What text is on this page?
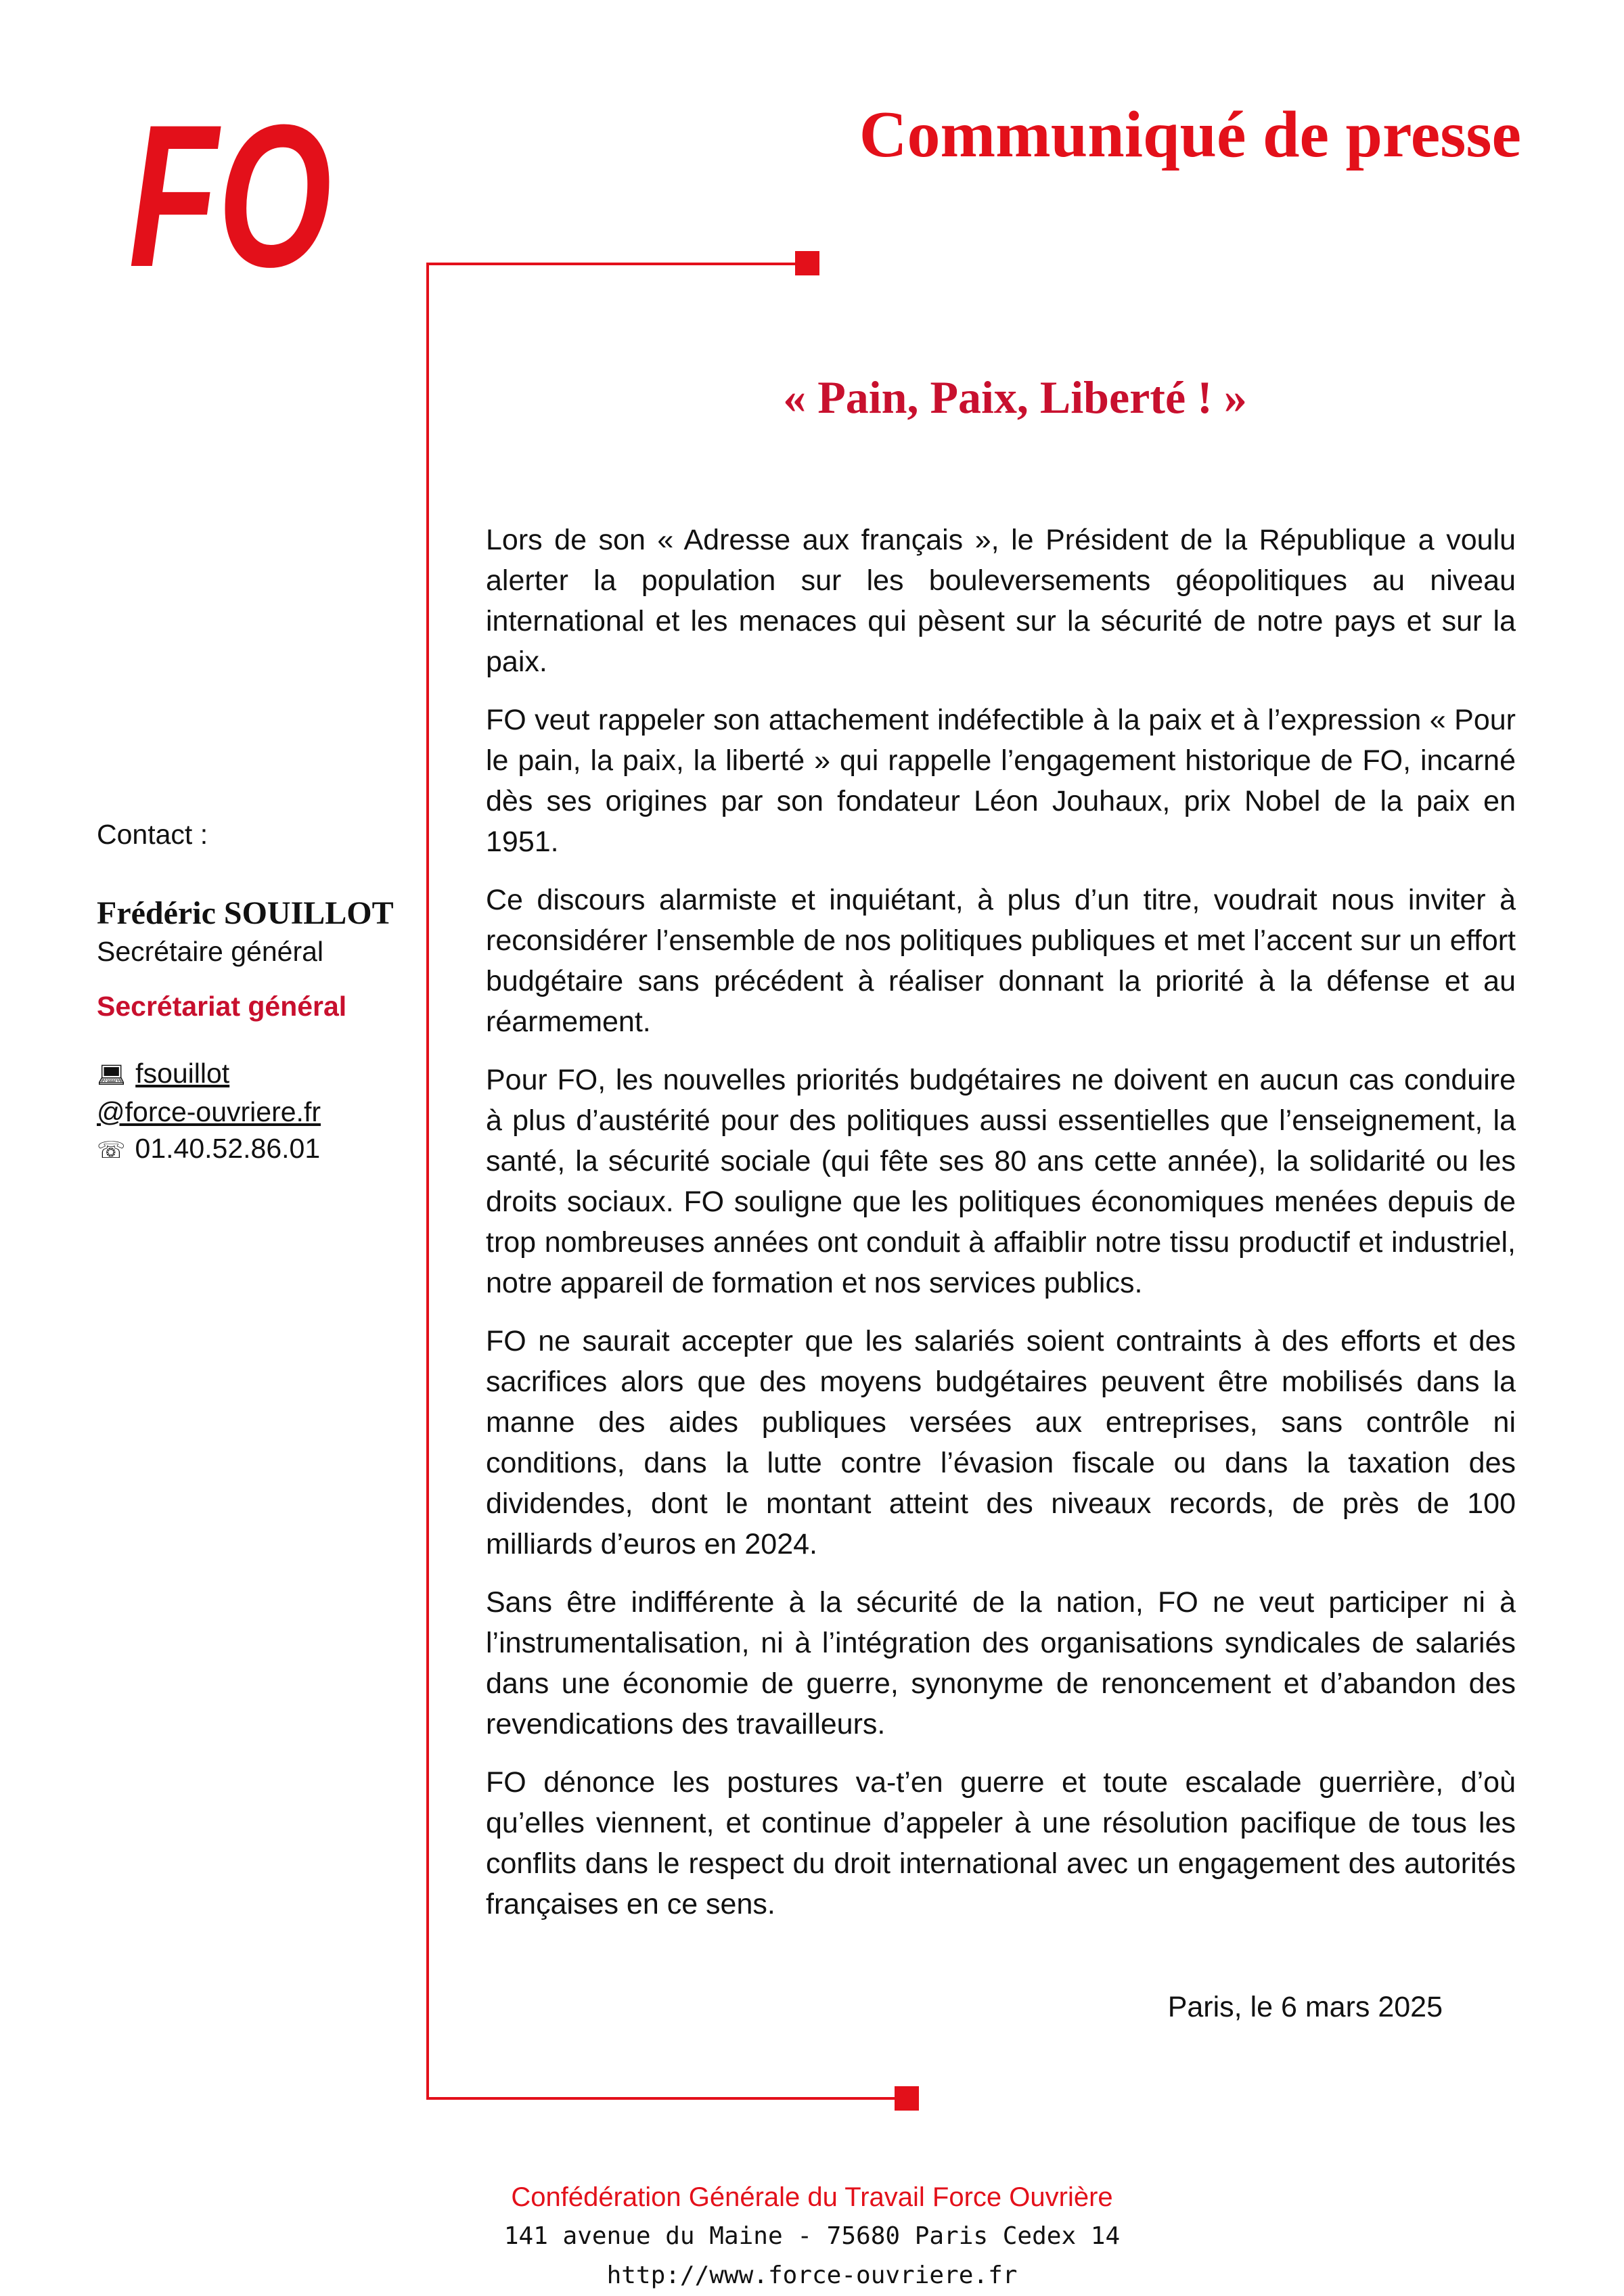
FO	Communiqué de presse
« Pain, Paix, Liberté ! »

Lors de son « Adresse aux français », le Président de la République a voulu alerter la population sur les bouleversements géopolitiques au niveau international et les menaces qui pèsent sur la sécurité de notre pays et sur la paix.

FO veut rappeler son attachement indéfectible à la paix et à l’expression « Pour le pain, la paix, la liberté » qui rappelle l’engagement historique de FO, incarné dès ses origines par son fondateur Léon Jouhaux, prix Nobel de la paix en 1951.

Ce discours alarmiste et inquiétant, à plus d’un titre, voudrait nous inviter à reconsidérer l’ensemble de nos politiques publiques et met l’accent sur un effort budgétaire sans précédent à réaliser donnant la priorité à la défense et au réarmement.

Pour FO, les nouvelles priorités budgétaires ne doivent en aucun cas conduire à plus d’austérité pour des politiques aussi essentielles que l’enseignement, la santé, la sécurité sociale (qui fête ses 80 ans cette année), la solidarité ou les droits sociaux. FO souligne que les politiques économiques menées depuis de trop nombreuses années ont conduit à affaiblir notre tissu productif et industriel, notre appareil de formation et nos services publics.

FO ne saurait accepter que les salariés soient contraints à des efforts et des sacrifices alors que des moyens budgétaires peuvent être mobilisés dans la manne des aides publiques versées aux entreprises, sans contrôle ni conditions, dans la lutte contre l’évasion fiscale ou dans la taxation des dividendes, dont le montant atteint des niveaux records, de près de 100 milliards d’euros en 2024.

Sans être indifférente à la sécurité de la nation, FO ne veut participer ni à l’instrumentalisation, ni à l’intégration des organisations syndicales de salariés dans une économie de guerre, synonyme de renoncement et d’abandon des revendications des travailleurs.

FO dénonce les postures va-t’en guerre et toute escalade guerrière, d’où qu’elles viennent, et continue d’appeler à une résolution pacifique de tous les conflits dans le respect du droit international avec un engagement des autorités françaises en ce sens.

Paris, le 6 mars 2025
Contact :
Frédéric SOUILLOT
Secrétaire général
Secrétariat général
💻︎ fsouillot
@force-ouvriere.fr
☏ 01.40.52.86.01
Confédération Générale du Travail Force Ouvrière
141 avenue du Maine - 75680 Paris Cedex 14
http://www.force-ouvriere.fr
